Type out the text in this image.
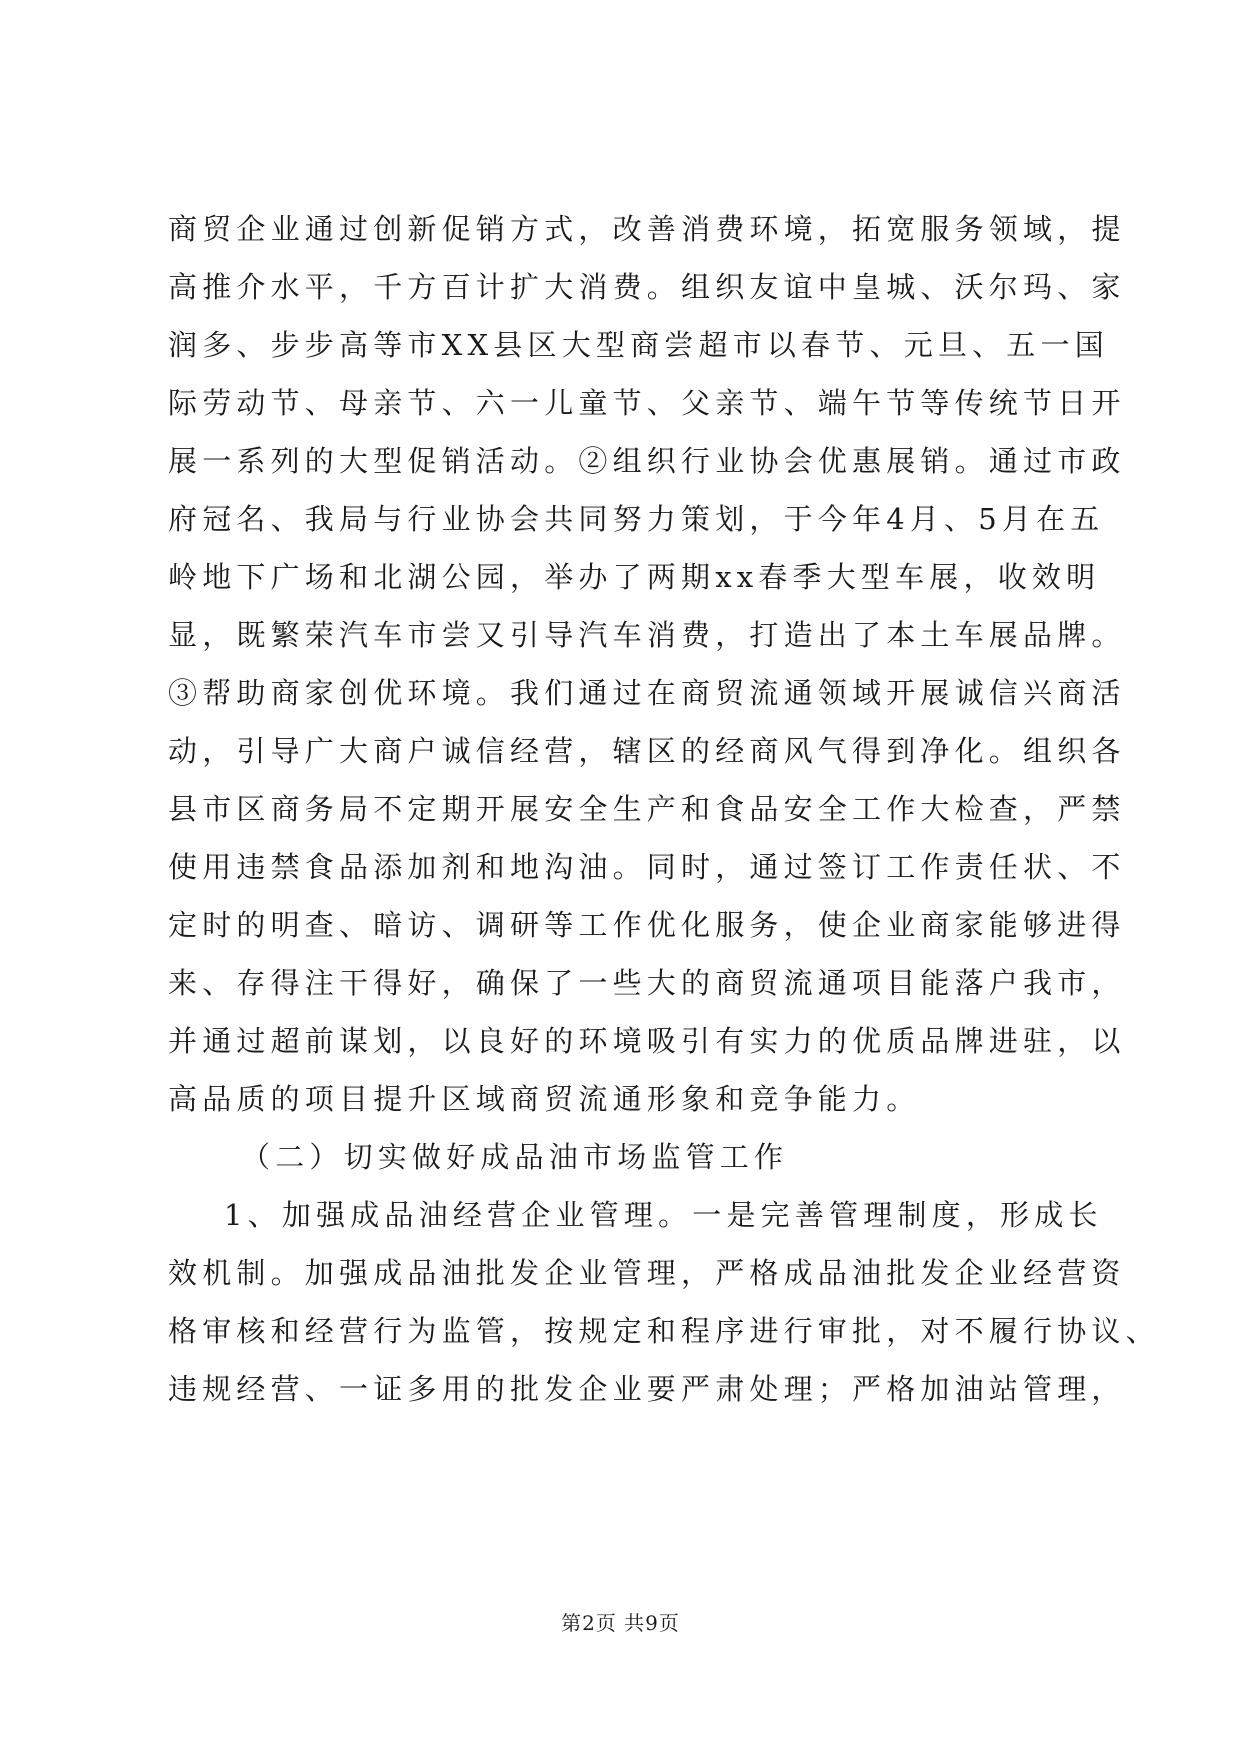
商贸企业通过创新促销方式，改善消费环境，拓宽服务领域，提
高推介水平，千方百计扩大消费。组织友谊中皇城、沃尔玛、家
润多、步步高等市XX县区大型商尝超市以春节、元旦、五一国
际劳动节、母亲节、六一儿童节、父亲节、端午节等传统节日开
展一系列的大型促销活动。②组织行业协会优惠展销。通过市政
府冠名、我局与行业协会共同努力策划，于今年4月、5月在五
岭地下广场和北湖公园，举办了两期xx春季大型车展，收效明
显，既繁荣汽车市尝又引导汽车消费，打造出了本土车展品牌。
③帮助商家创优环境。我们通过在商贸流通领域开展诚信兴商活
动，引导广大商户诚信经营，辖区的经商风气得到净化。组织各
县市区商务局不定期开展安全生产和食品安全工作大检查，严禁
使用违禁食品添加剂和地沟油。同时，通过签订工作责任状、不
定时的明查、暗访、调研等工作优化服务，使企业商家能够进得
来、存得注干得好，确保了一些大的商贸流通项目能落户我市，
并通过超前谋划，以良好的环境吸引有实力的优质品牌进驻，以
高品质的项目提升区域商贸流通形象和竞争能力。
（二）切实做好成品油市场监管工作
1、加强成品油经营企业管理。一是完善管理制度，形成长
效机制。加强成品油批发企业管理，严格成品油批发企业经营资
格审核和经营行为监管，按规定和程序进行审批，对不履行协议、
违规经营、一证多用的批发企业要严肃处理；严格加油站管理，
第2页 共9页
